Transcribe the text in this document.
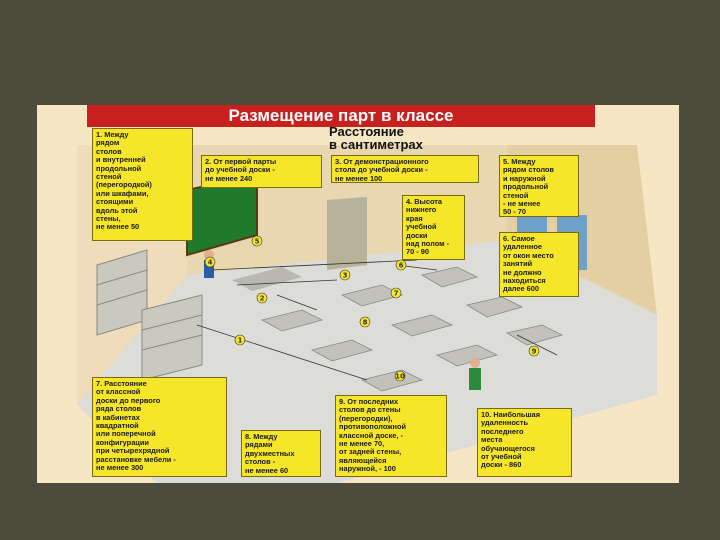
1
2
3
4
5
6
7
8
9
10
Размещение парт в классе
Расстояние
в сантиметрах
1. Между
рядом
столов
и внутренней
продольной
стеной
(перегородкой)
или шкафами,
стоящими
вдоль этой
стены,
не менее 50
2. От первой парты
до учебной доски -
не менее 240
3. От демонстрационного
стола до учебной доски -
не менее 100
4. Высота
нижнего
края
учебной
доски
над полом -
70 - 90
5. Между
рядом столов
и наружной
продольной
стеной
- не менее
50 - 70
6. Самое
удаленное
от окон место
занятий
не должно
находиться
далее 600
7. Расстояние
от классной
доски до первого
ряда столов
в кабинетах
квадратной
или поперечной
конфигурации
при четырехрядной
расстановке мебели -
не менее 300
8. Между
рядами
двухместных
столов -
не менее 60
9. От последних
столов до стены
(перегородки),
противоположной
классной доске, -
не менее 70,
от задней стены,
являющейся
наружной, - 100
10. Наибольшая
удаленность
последнего
места
обучающегося
от учебной
доски - 860
